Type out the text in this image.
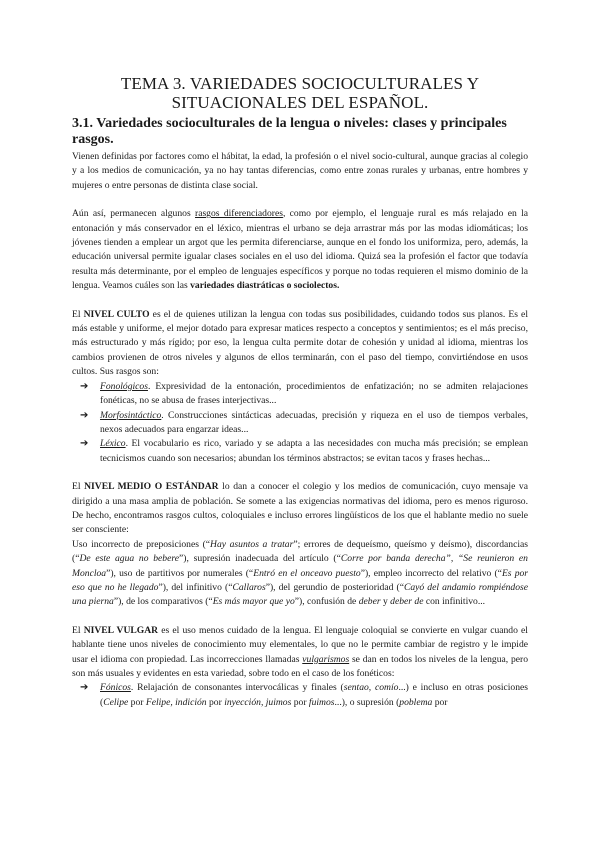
TEMA 3. VARIEDADES SOCIOCULTURALES Y
SITUACIONALES DEL ESPAÑOL.
3.1. Variedades socioculturales de la lengua o niveles: clases y principales rasgos.

Vienen definidas por factores como el hábitat, la edad, la profesión o el nivel socio-cultural, aunque gracias al colegio y a los medios de comunicación, ya no hay tantas diferencias, como entre zonas rurales y urbanas, entre hombres y mujeres o entre personas de distinta clase social.

Aún así, permanecen algunos rasgos diferenciadores, como por ejemplo, el lenguaje rural es más relajado en la entonación y más conservador en el léxico, mientras el urbano se deja arrastrar más por las modas idiomáticas; los jóvenes tienden a emplear un argot que les permita diferenciarse, aunque en el fondo los uniformiza, pero, además, la educación universal permite igualar clases sociales en el uso del idioma. Quizá sea la profesión el factor que todavía resulta más determinante, por el empleo de lenguajes específicos y porque no todas requieren el mismo dominio de la lengua. Veamos cuáles son las variedades diastráticas o sociolectos.

El NIVEL CULTO es el de quienes utilizan la lengua con todas sus posibilidades, cuidando todos sus planos. Es el más estable y uniforme, el mejor dotado para expresar matices respecto a conceptos y sentimientos; es el más preciso, más estructurado y más rígido; por eso, la lengua culta permite dotar de cohesión y unidad al idioma, mientras los cambios provienen de otros niveles y algunos de ellos terminarán, con el paso del tiempo, convirtiéndose en usos cultos. Sus rasgos son:

➔ Fonológicos. Expresividad de la entonación, procedimientos de enfatización; no se admiten relajaciones fonéticas, no se abusa de frases interjectivas...
➔ Morfosintáctico. Construcciones sintácticas adecuadas, precisión y riqueza en el uso de tiempos verbales, nexos adecuados para engarzar ideas...
➔ Léxico. El vocabulario es rico, variado y se adapta a las necesidades con mucha más precisión; se emplean tecnicismos cuando son necesarios; abundan los términos abstractos; se evitan tacos y frases hechas...

El NIVEL MEDIO O ESTÁNDAR lo dan a conocer el colegio y los medios de comunicación, cuyo mensaje va dirigido a una masa amplia de población. Se somete a las exigencias normativas del idioma, pero es menos riguroso. De hecho, encontramos rasgos cultos, coloquiales e incluso errores lingüísticos de los que el hablante medio no suele ser consciente:

Uso incorrecto de preposiciones (“Hay asuntos a tratar”; errores de dequeísmo, queísmo y deísmo), discordancias (“De este agua no bebere”), supresión inadecuada del artículo (“Corre por banda derecha”, “Se reunieron en Moncloa”), uso de partitivos por numerales (“Entró en el onceavo puesto”), empleo incorrecto del relativo (“Es por eso que no he llegado”), del infinitivo (“Callaros”), del gerundio de posterioridad (“Cayó del andamio rompiéndose una pierna”), de los comparativos (“Es más mayor que yo”), confusión de deber y deber de con infinitivo...

El NIVEL VULGAR es el uso menos cuidado de la lengua. El lenguaje coloquial se convierte en vulgar cuando el hablante tiene unos niveles de conocimiento muy elementales, lo que no le permite cambiar de registro y le impide usar el idioma con propiedad. Las incorrecciones llamadas vulgarismos se dan en todos los niveles de la lengua, pero son más usuales y evidentes en esta variedad, sobre todo en el caso de los fonéticos:

➔ Fónicos. Relajación de consonantes intervocálicas y finales (sentao, comío...) e incluso en otras posiciones (Celipe por Felipe, indición por inyección, juimos por fuimos...), o supresión (poblema por
